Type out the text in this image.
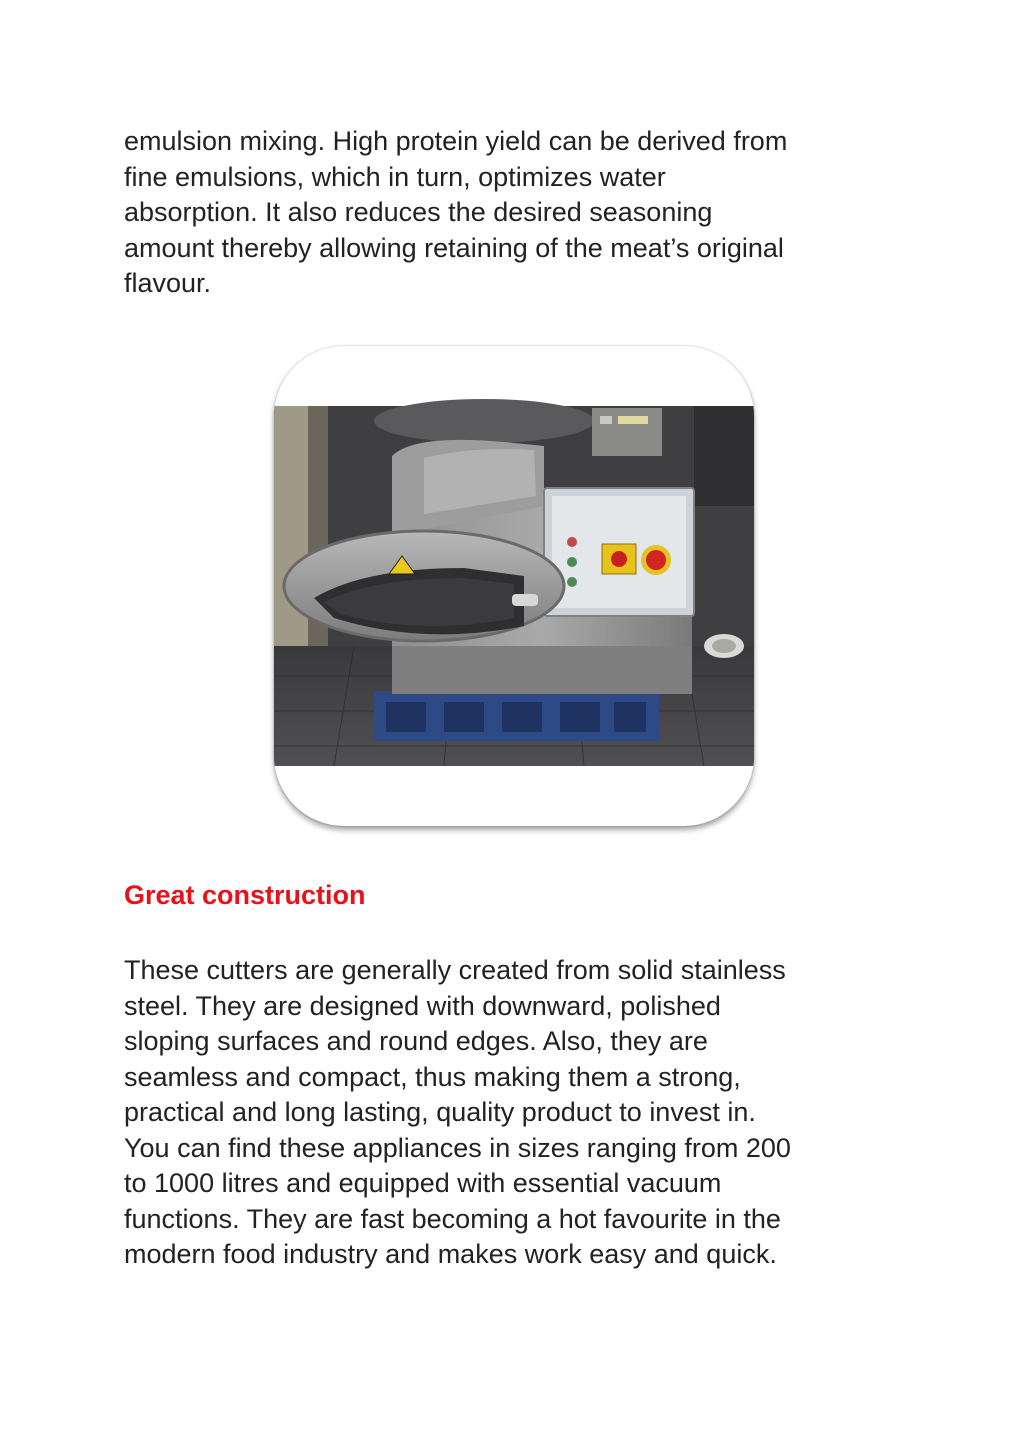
emulsion mixing. High protein yield can be derived from
fine emulsions, which in turn, optimizes water
absorption. It also reduces the desired seasoning
amount thereby allowing retaining of the meat’s original
flavour.

Great construction

These cutters are generally created from solid stainless
steel. They are designed with downward, polished
sloping surfaces and round edges. Also, they are
seamless and compact, thus making them a strong,
practical and long lasting, quality product to invest in.
You can find these appliances in sizes ranging from 200
to 1000 litres and equipped with essential vacuum
functions. They are fast becoming a hot favourite in the
modern food industry and makes work easy and quick.
